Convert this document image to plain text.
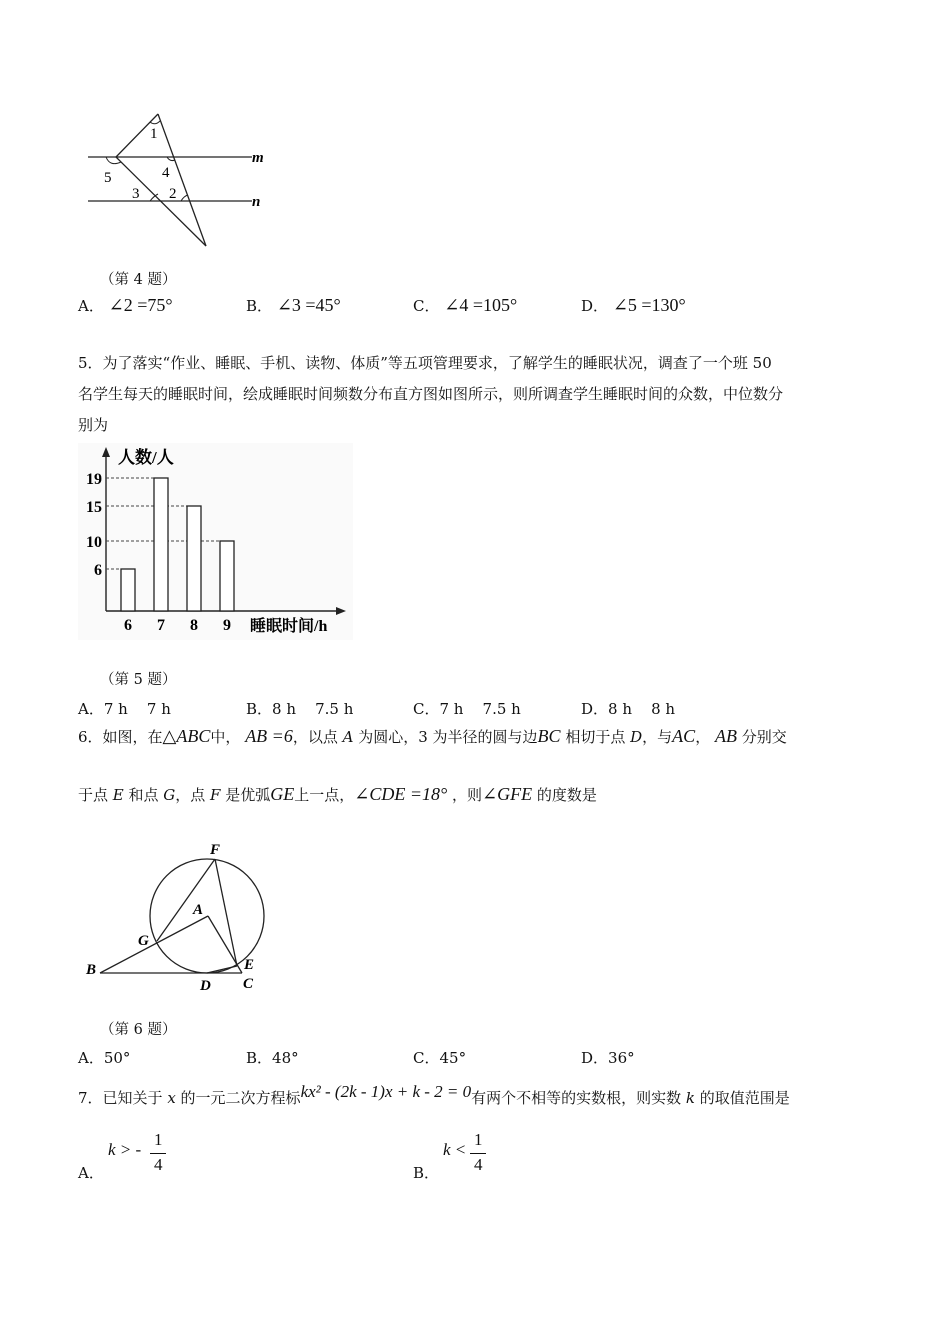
1
4
5
3 2
m
n
（第 4 题）
A． ∠2 =75°	B． ∠3 =45°	C． ∠4 =105°	D． ∠5 =130°
5．为了落实“作业、睡眠、手机、读物、体质”等五项管理要求，了解学生的睡眠状况，调查了一个班 50
名学生每天的睡眠时间，绘成睡眠时间频数分布直方图如图所示，则所调查学生睡眠时间的众数，中位数分
别为
人数/人
睡眠时间/h
6
10
15
19
6 7 8 9
（第 5 题）
A．7 h    7 h	B．8 h    7.5 h	C．7 h    7.5 h	D．8 h    8 h
6．如图，在△ABC中， AB =6，以点 A 为圆心，3 为半径的圆与边BC 相切于点 D，与AC， AB 分别交
于点 E 和点 G，点 F 是优弧GE上一点，∠CDE =18° ，则∠GFE 的度数是
F
A
G
B	E
D C
（第 6 题）
A．50°	B．48°	C．45°	D．36°
7．已知关于 x 的一元二次方程标kx² - (2k - 1)x + k - 2 = 0有两个不相等的实数根，则实数 k 的取值范围是
A．
k > -
1
4	B．
k <
1
4
